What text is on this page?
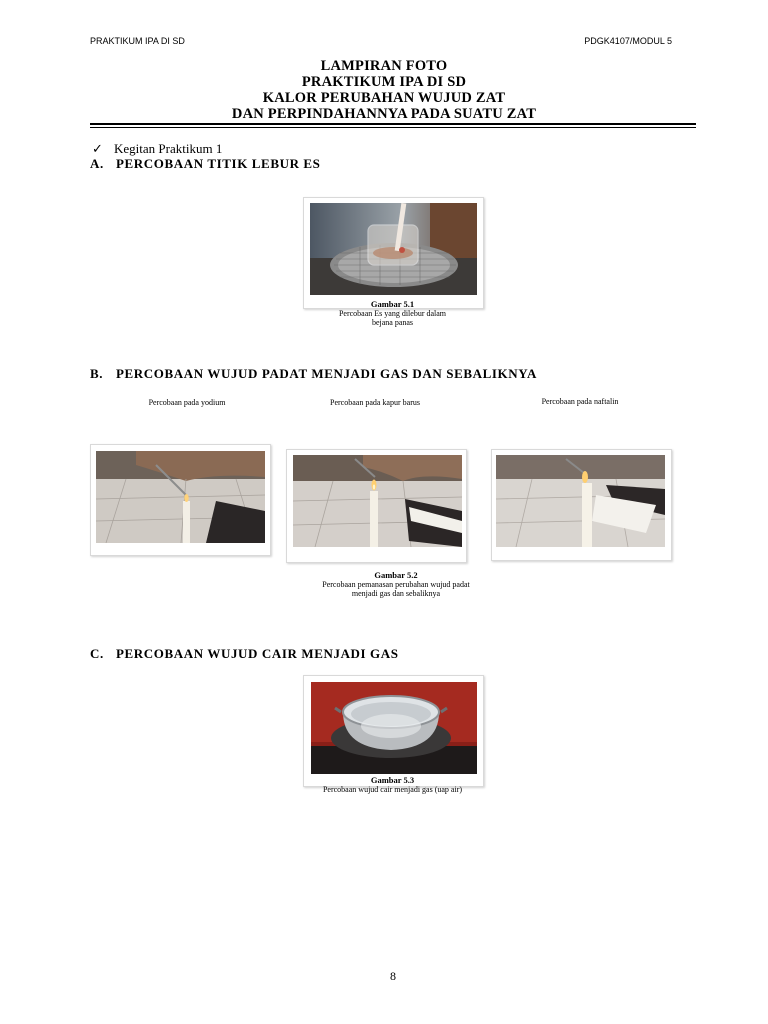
PRAKTIKUM IPA DI SD	PDGK4107/MODUL 5
LAMPIRAN FOTO
PRAKTIKUM IPA DI SD
KALOR PERUBAHAN WUJUD ZAT
DAN PERPINDAHANNYA PADA SUATU ZAT
✓ Kegitan Praktikum 1
A. PERCOBAAN TITIK LEBUR ES
Gambar 5.1
Percobaan Es yang dilebur dalam
bejana panas
B. PERCOBAAN WUJUD PADAT MENJADI GAS DAN SEBALIKNYA
Percobaan pada yodium	Percobaan pada kapur barus	Percobaan pada naftalin
Gambar 5.2
Percobaan pemanasan perubahan wujud padat
menjadi gas dan sebaliknya
C. PERCOBAAN WUJUD CAIR MENJADI GAS
Gambar 5.3
Percobaan wujud cair menjadi gas (uap air)
8
